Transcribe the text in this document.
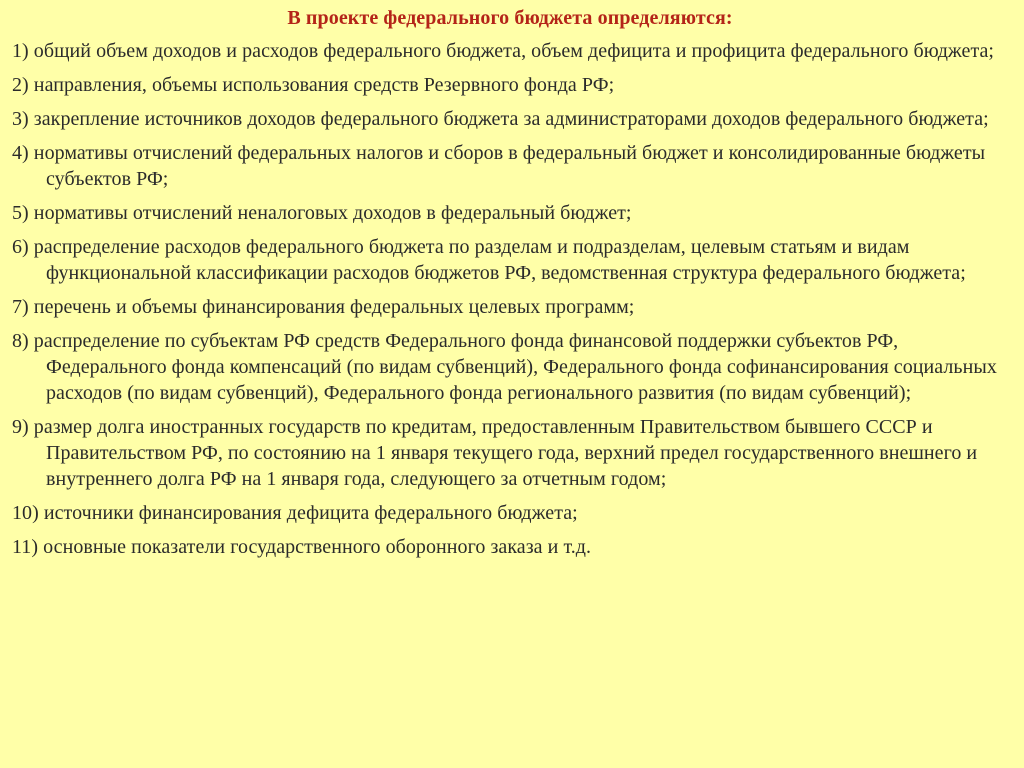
В проекте федерального бюджета определяются:
1) общий объем доходов и расходов федерального бюджета, объем дефицита и профицита федерального бюджета;
2) направления, объемы использования средств Резервного фонда РФ;
3) закрепление источников доходов федерального бюджета за администраторами доходов федерального бюджета;
4) нормативы отчислений федеральных налогов и сборов в федеральный бюджет и консолидированные бюджеты субъектов РФ;
5) нормативы отчислений неналоговых доходов в федеральный бюджет;
6) распределение расходов федерального бюджета по разделам и подразделам, целевым статьям и видам функциональной классификации расходов бюджетов РФ, ведомственная структура федерального бюджета;
7) перечень и объемы финансирования федеральных целевых программ;
8) распределение по субъектам РФ средств Федерального фонда финансовой поддержки субъектов РФ, Федерального фонда компенсаций (по видам субвенций), Федерального фонда софинансирования социальных расходов (по видам субвенций), Федерального фонда регионального развития (по видам субвенций);
9) размер долга иностранных государств по кредитам, предоставленным Правительством бывшего СССР и Правительством РФ, по состоянию на 1 января текущего года, верхний предел государственного внешнего и внутреннего долга РФ на 1 января года, следующего за отчетным годом;
10) источники финансирования дефицита федерального бюджета;
11) основные показатели государственного оборонного заказа и т.д.
